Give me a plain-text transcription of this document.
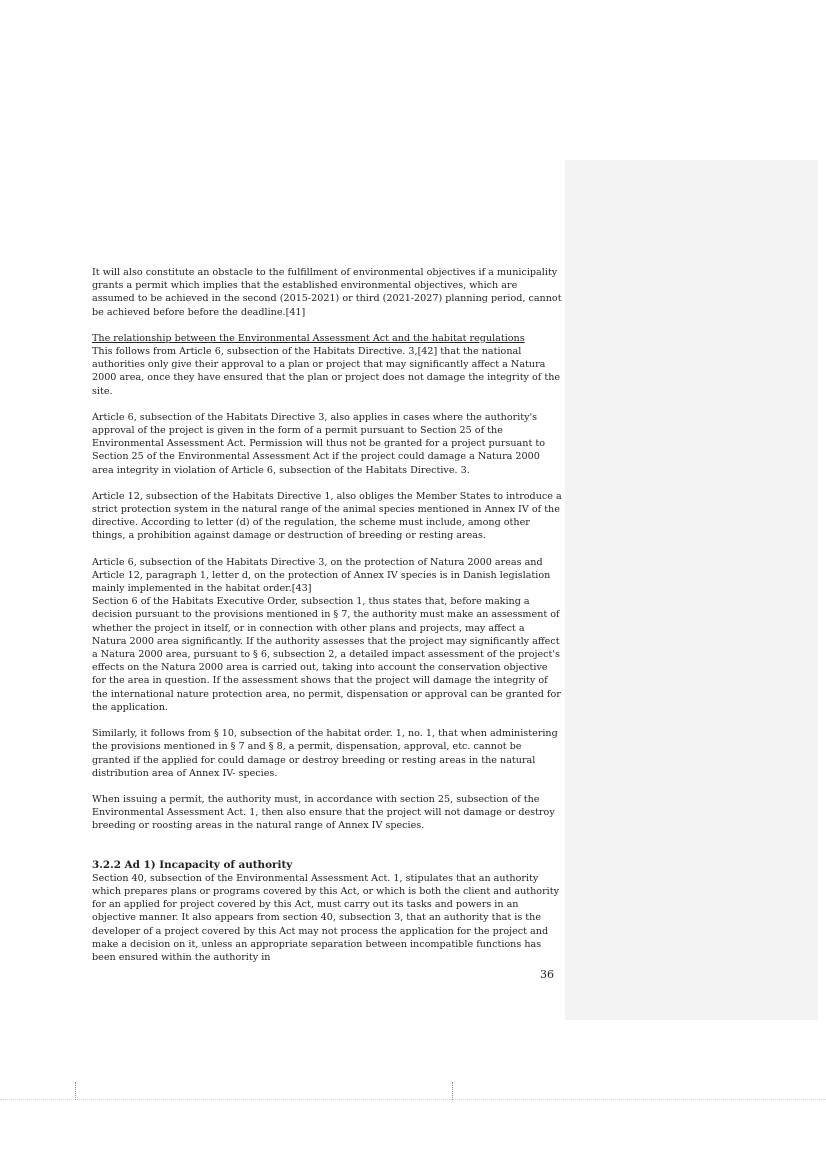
It will also constitute an obstacle to the fulfillment of environmental objectives if a municipality grants a permit which implies that the established environmental objectives, which are assumed to be achieved in the second (2015-2021) or third (2021-2027) planning period, cannot be achieved before before the deadline.[41]

The relationship between the Environmental Assessment Act and the habitat regulations

This follows from Article 6, subsection of the Habitats Directive. 3,[42] that the national authorities only give their approval to a plan or project that may significantly affect a Natura 2000 area, once they have ensured that the plan or project does not damage the integrity of the site.

Article 6, subsection of the Habitats Directive 3, also applies in cases where the authority's approval of the project is given in the form of a permit pursuant to Section 25 of the Environmental Assessment Act. Permission will thus not be granted for a project pursuant to Section 25 of the Environmental Assessment Act if the project could damage a Natura 2000 area integrity in violation of Article 6, subsection of the Habitats Directive. 3.

Article 12, subsection of the Habitats Directive 1, also obliges the Member States to introduce a strict protection system in the natural range of the animal species mentioned in Annex IV of the directive. According to letter (d) of the regulation, the scheme must include, among other things, a prohibition against damage or destruction of breeding or resting areas.

Article 6, subsection of the Habitats Directive 3, on the protection of Natura 2000 areas and Article 12, paragraph 1, letter d, on the protection of Annex IV species is in Danish legislation mainly implemented in the habitat order.[43]

Section 6 of the Habitats Executive Order, subsection 1, thus states that, before making a decision pursuant to the provisions mentioned in § 7, the authority must make an assessment of whether the project in itself, or in connection with other plans and projects, may affect a Natura 2000 area significantly. If the authority assesses that the project may significantly affect a Natura 2000 area, pursuant to § 6, subsection 2, a detailed impact assessment of the project's effects on the Natura 2000 area is carried out, taking into account the conservation objective for the area in question. If the assessment shows that the project will damage the integrity of the international nature protection area, no permit, dispensation or approval can be granted for the application.

Similarly, it follows from § 10, subsection of the habitat order. 1, no. 1, that when administering the provisions mentioned in § 7 and § 8, a permit, dispensation, approval, etc. cannot be granted if the applied for could damage or destroy breeding or resting areas in the natural distribution area of Annex IV- species.

When issuing a permit, the authority must, in accordance with section 25, subsection of the Environmental Assessment Act. 1, then also ensure that the project will not damage or destroy breeding or roosting areas in the natural range of Annex IV species.

3.2.2 Ad 1) Incapacity of authority

Section 40, subsection of the Environmental Assessment Act. 1, stipulates that an authority which prepares plans or programs covered by this Act, or which is both the client and authority for an applied for project covered by this Act, must carry out its tasks and powers in an objective manner. It also appears from section 40, subsection 3, that an authority that is the developer of a project covered by this Act may not process the application for the project and make a decision on it, unless an appropriate separation between incompatible functions has been ensured within the authority in

36
